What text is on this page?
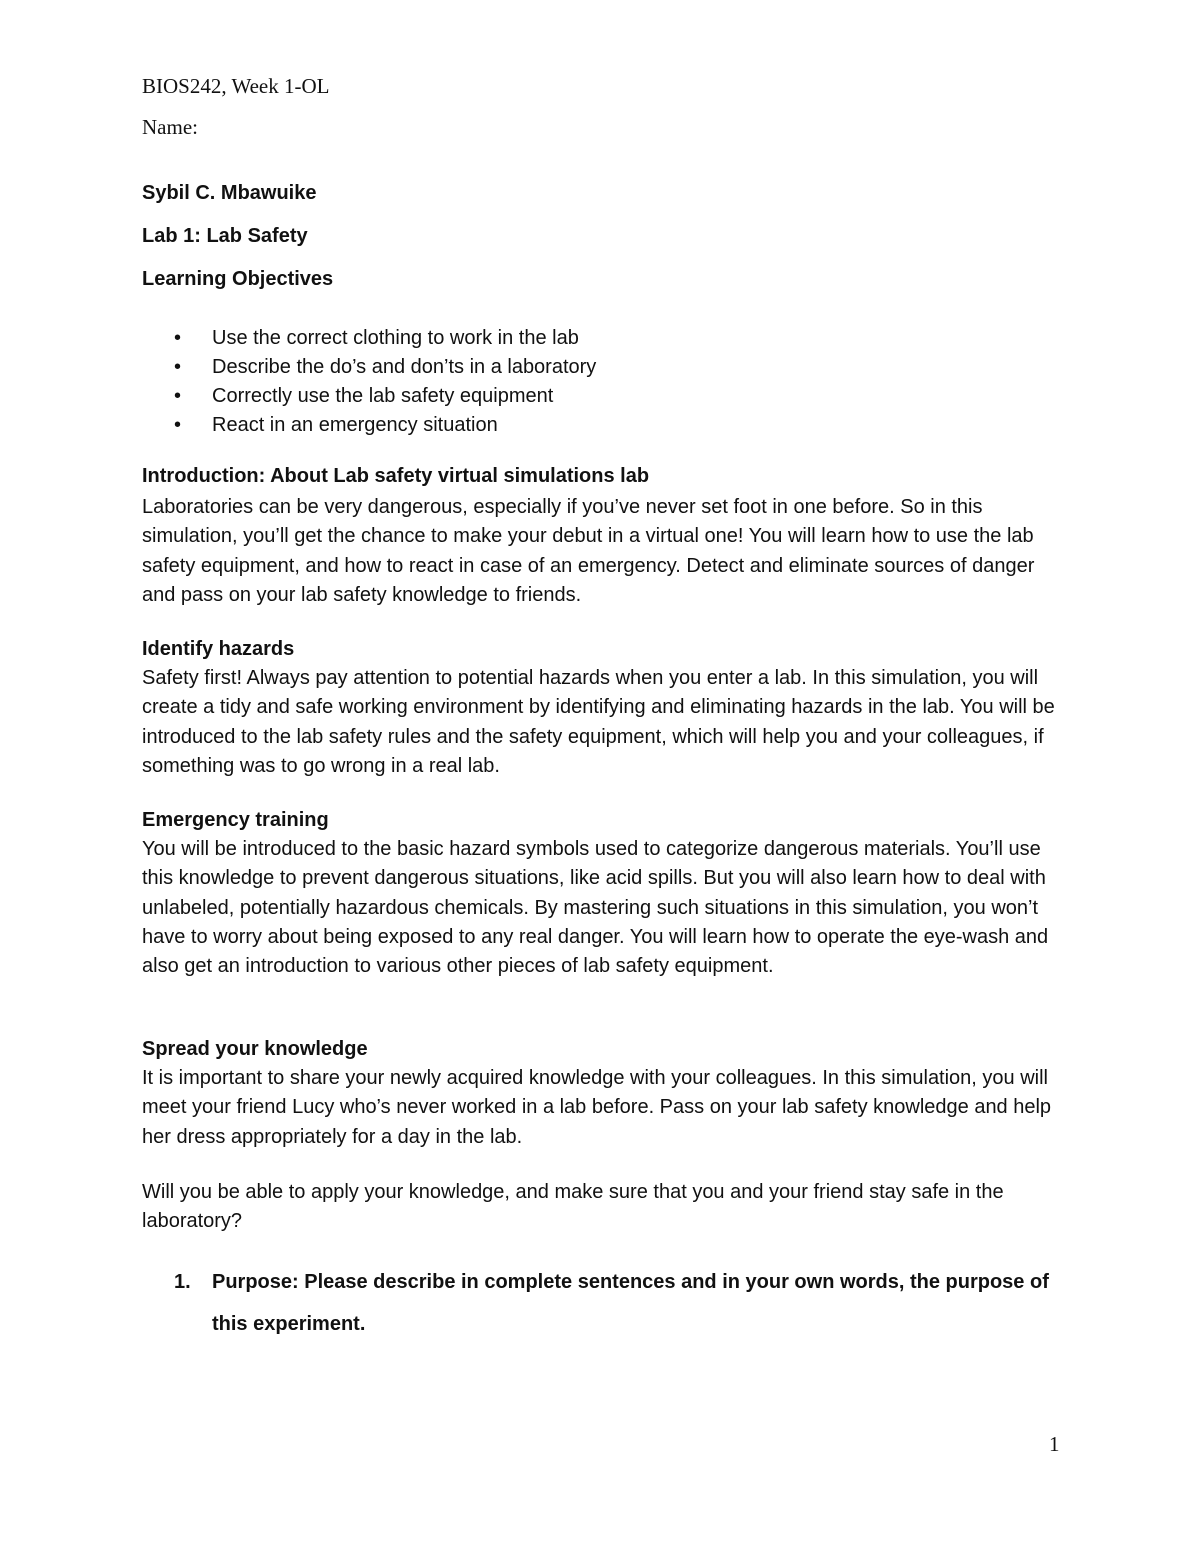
BIOS242, Week 1-OL

Name:

Sybil C. Mbawuike

Lab 1: Lab Safety

Learning Objectives

• Use the correct clothing to work in the lab
• Describe the do’s and don’ts in a laboratory
• Correctly use the lab safety equipment
• React in an emergency situation

Introduction: About Lab safety virtual simulations lab

Laboratories can be very dangerous, especially if you’ve never set foot in one before. So in this simulation, you’ll get the chance to make your debut in a virtual one! You will learn how to use the lab safety equipment, and how to react in case of an emergency. Detect and eliminate sources of danger and pass on your lab safety knowledge to friends.

Identify hazards

Safety first! Always pay attention to potential hazards when you enter a lab. In this simulation, you will create a tidy and safe working environment by identifying and eliminating hazards in the lab. You will be introduced to the lab safety rules and the safety equipment, which will help you and your colleagues, if something was to go wrong in a real lab.

Emergency training

You will be introduced to the basic hazard symbols used to categorize dangerous materials. You’ll use this knowledge to prevent dangerous situations, like acid spills. But you will also learn how to deal with unlabeled, potentially hazardous chemicals. By mastering such situations in this simulation, you won’t have to worry about being exposed to any real danger. You will learn how to operate the eye-wash and also get an introduction to various other pieces of lab safety equipment.

Spread your knowledge

It is important to share your newly acquired knowledge with your colleagues. In this simulation, you will meet your friend Lucy who’s never worked in a lab before. Pass on your lab safety knowledge and help her dress appropriately for a day in the lab.

Will you be able to apply your knowledge, and make sure that you and your friend stay safe in the laboratory?

1.	Purpose: Please describe in complete sentences and in your own words, the purpose of this experiment.
1
